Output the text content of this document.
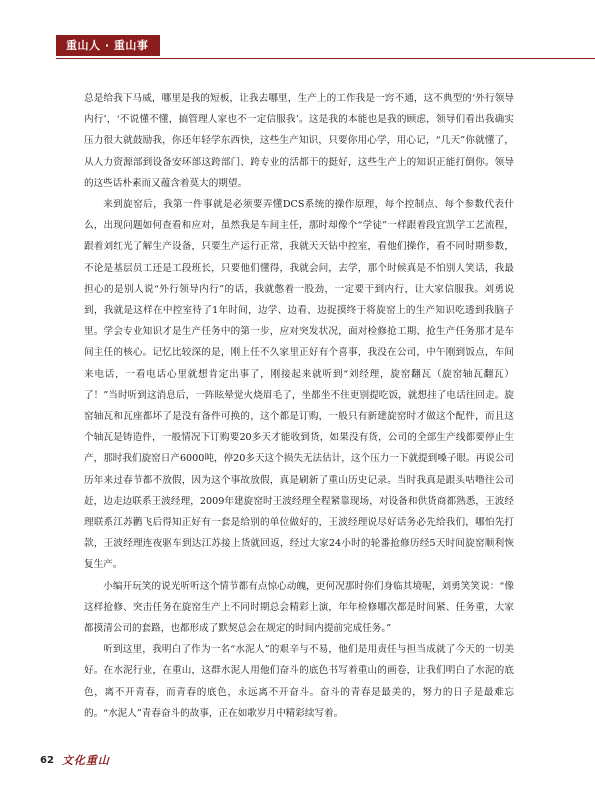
重山人 · 重山事

总是给我下马威，哪里是我的短板，让我去哪里，生产上的工作我是一窍不通，这不典型的‘外行领导内行’，‘不说懂不懂，搞管理人家也不一定信服我’。这是我的本能也是我的顾虑，领导们看出我确实压力很大就鼓励我，你还年轻学东西快，这些生产知识，只要你用心学，用心记，“几天”你就懂了，从人力资源部到设备安环部这跨部门、跨专业的活都干的挺好，这些生产上的知识正能打倒你。领导的这些话朴素而又蕴含着莫大的期望。

来到旋窑后，我第一件事就是必须要弄懂DCS系统的操作原理，每个控制点、每个参数代表什么，出现问题如何查看和应对，虽然我是车间主任，那时却像个“学徒”一样跟着段宜凯学工艺流程，跟着刘红光了解生产设备，只要生产运行正常，我就天天钻中控室，看他们操作，看不同时期参数，不论是基层员工还是工段班长，只要他们懂得，我就会问，去学，那个时候真是不怕别人笑话，我最担心的是别人说“外行领导内行”的话，我就憋着一股劲，一定要干到内行，让大家信服我。刘勇说到，我就是这样在中控室待了1年时间，边学、边看、边捉摸终于将旋窑上的生产知识吃透到我脑子里。学会专业知识才是生产任务中的第一步，应对突发状况，面对检修抢工期、抢生产任务那才是车间主任的核心。记忆比较深的是，刚上任不久家里正好有个喜事，我没在公司，中午刚到饭点，车间来电话，一看电话心里就想肯定出事了，刚接起来就听到“刘经理，旋窑翻瓦（旋窑轴瓦翻瓦）了！”当时听到这消息后，一阵眩晕觉火烧眉毛了，坐都坐不住更别提吃饭，就想挂了电话往回走。旋窑轴瓦和瓦座都坏了是没有备件可换的，这个都是订购，一般只有新建旋窑时才做这个配件，而且这个轴瓦是铸造件，一般情况下订购要20多天才能收到货，如果没有货，公司的全部生产线都要停止生产，那时我们旋窑日产6000吨，停20多天这个损失无法估计，这个压力一下就提到嗓子眼。再说公司历年来过春节都不放假，因为这个事故放假，真是刷新了重山历史记录。当时我真是跟头咕噜往公司赶，边走边联系王波经理，2009年建旋窑时王波经理全程紧靠现场，对设备和供货商都熟悉，王波经理联系江苏鹳飞后得知正好有一套是给别的单位做好的，王波经理说尽好话务必先给我们，哪怕先打款，王波经理连夜驱车到达江苏接上货就回返，经过大家24小时的轮番抢修历经5天时间旋窑顺利恢复生产。

小编开玩笑的说光听听这个情节都有点惊心动魄，更何况那时你们身临其境呢，刘勇笑笑说：“像这样抢修、突击任务在旋窑生产上不同时期总会精彩上演，年年检修哪次都是时间紧、任务重，大家都摸清公司的套路，也都形成了默契总会在规定的时间内提前完成任务。”

听到这里，我明白了作为一名“水泥人”的艰辛与不易，他们是用责任与担当成就了今天的一切美好。在水泥行业，在重山，这群水泥人用他们奋斗的底色书写着重山的画卷，让我们明白了水泥的底色，离不开青春，而青春的底色，永远离不开奋斗。奋斗的青春是最美的，努力的日子是最难忘的。“水泥人”青春奋斗的故事，正在如歌岁月中精彩续写着。

62 文化重山
